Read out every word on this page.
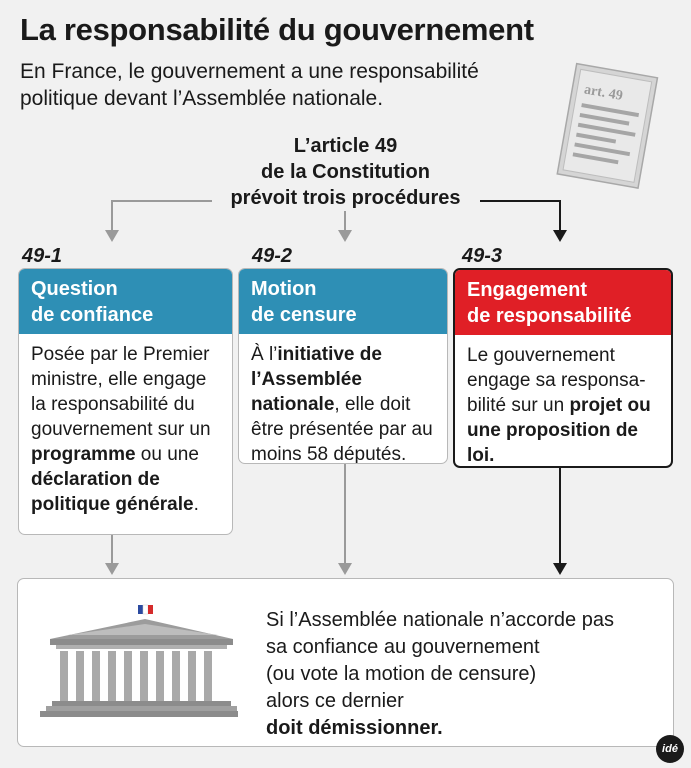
La responsabilité du gouvernement
En France, le gouvernement a une responsabilité politique devant l’Assemblée nationale.	art. 49
L’article 49
de la Constitution
prévoit trois procédures
49-1	49-2	49-3
Question
de confiance
Posée par le Premier ministre, elle engage la responsabilité du gouvernement sur un programme ou une déclaration de politique générale.
Motion
de censure
À l’initiative de l’Assemblée nationale, elle doit être présentée par au moins 58 députés.
Engagement
de responsabilité
Le gouvernement engage sa responsa-bilité sur un projet ou une proposition de loi.
Si l’Assemblée nationale n’accorde pas
sa confiance au gouvernement
(ou vote la motion de censure)
alors ce dernier
doit démissionner.
idé
